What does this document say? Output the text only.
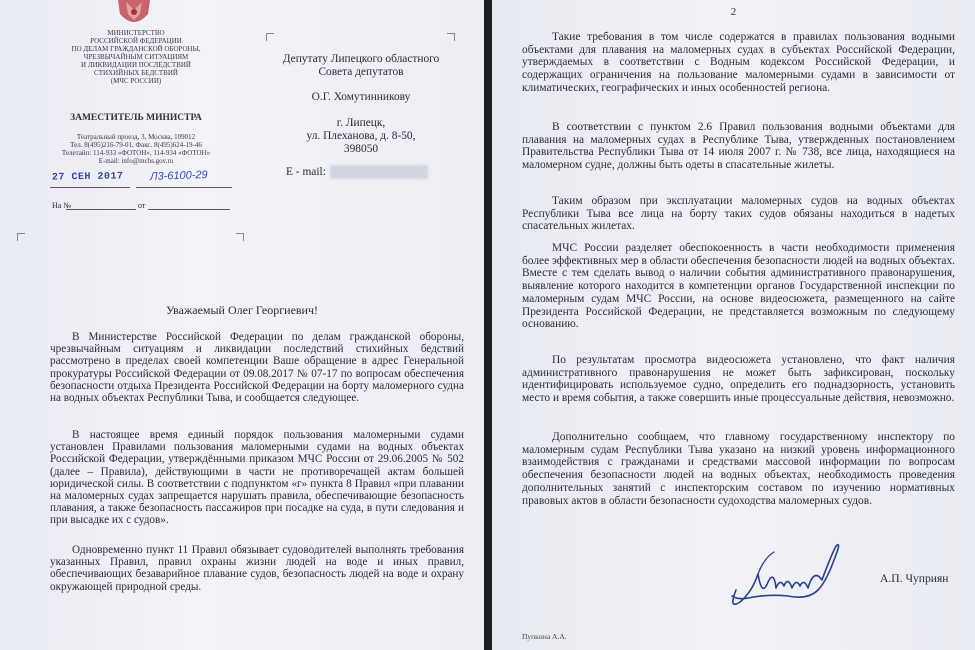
МИНИСТЕРСТВО
РОССИЙСКОЙ ФЕДЕРАЦИИ
ПО ДЕЛАМ ГРАЖДАНСКОЙ ОБОРОНЫ,
ЧРЕЗВЫЧАЙНЫМ СИТУАЦИЯМ
И ЛИКВИДАЦИИ ПОСЛЕДСТВИЙ
СТИХИЙНЫХ БЕДСТВИЙ
(МЧС РОССИИ)
ЗАМЕСТИТЕЛЬ МИНИСТРА
Театральный проезд, 3, Москва, 109012
Тел. 8(495)216-79-01, Факс. 8(495)624-19-46
Телетайп: 114-933 «ФОТОН», 114-934 «ФОТОН»
E-mail: info@mchs.gov.ru
27 СЕН 2017 Л3-6100-29
На №	от
Депутату Липецкого областного
Совета депутатов
О.Г. Хомутинникову
г. Липецк,
ул. Плеханова, д. 8-50,
398050
E - mail:
Уважаемый Олег Георгиевич!

В Министерстве Российской Федерации по делам гражданской обороны, чрезвычайным ситуациям и ликвидации последствий стихийных бедствий рассмотрено в пределах своей компетенции Ваше обращение в адрес Генеральной прокуратуры Российской Федерации от 09.08.2017 № 07-17 по вопросам обеспечения безопасности отдыха Президента Российской Федерации на борту маломерного судна на водных объектах Республики Тыва, и сообщается следующее.

В настоящее время единый порядок пользования маломерными судами установлен Правилами пользования маломерными судами на водных объектах Российской Федерации, утверждёнными приказом МЧС России от 29.06.2005 № 502 (далее – Правила), действующими в части не противоречащей актам большей юридической силы. В соответствии с подпунктом «г» пункта 8 Правил «при плавании на маломерных судах запрещается нарушать правила, обеспечивающие безопасность плавания, а также безопасность пассажиров при посадке на суда, в пути следования и при высадке их с судов».

Одновременно пункт 11 Правил обязывает судоводителей выполнять требования указанных Правил, правил охраны жизни людей на воде и иных правил, обеспечивающих безаварийное плавание судов, безопасность людей на воде и охрану окружающей природной среды.

2

Такие требования в том числе содержатся в правилах пользования водными объектами для плавания на маломерных судах в субъектах Российской Федерации, утверждаемых в соответствии с Водным кодексом Российской Федерации, и содержащих ограничения на пользование маломерными судами в зависимости от климатических, географических и иных особенностей региона.

В соответствии с пунктом 2.6 Правил пользования водными объектами для плавания на маломерных судах в Республике Тыва, утвержденных постановлением Правительства Республики Тыва от 14 июля 2007 г. № 738, все лица, находящиеся на маломерном судне, должны быть одеты в спасательные жилеты.

Таким образом при эксплуатации маломерных судов на водных объектах Республики Тыва все лица на борту таких судов обязаны находиться в надетых спасательных жилетах.

МЧС России разделяет обеспокоенность в части необходимости применения более эффективных мер в области обеспечения безопасности людей на водных объектах. Вместе с тем сделать вывод о наличии события административного правонарушения, выявление которого находится в компетенции органов Государственной инспекции по маломерным судам МЧС России, на основе видеосюжета, размещенного на сайте Президента Российской Федерации, не представляется возможным по следующему основанию.

По результатам просмотра видеосюжета установлено, что факт наличия административного правонарушения не может быть зафиксирован, поскольку идентифицировать используемое судно, определить его поднадзорность, установить место и время события, а также совершить иные процессуальные действия, невозможно.

Дополнительно сообщаем, что главному государственному инспектору по маломерным судам Республики Тыва указано на низкий уровень информационного взаимодействия с гражданами и средствами массовой информации по вопросам обеспечения безопасности людей на водных объектах, необходимость проведения дополнительных занятий с инспекторским составом по изучению нормативных правовых актов в области безопасности судоходства маломерных судов.

А.П. Чуприян
Пупкина А.А.
